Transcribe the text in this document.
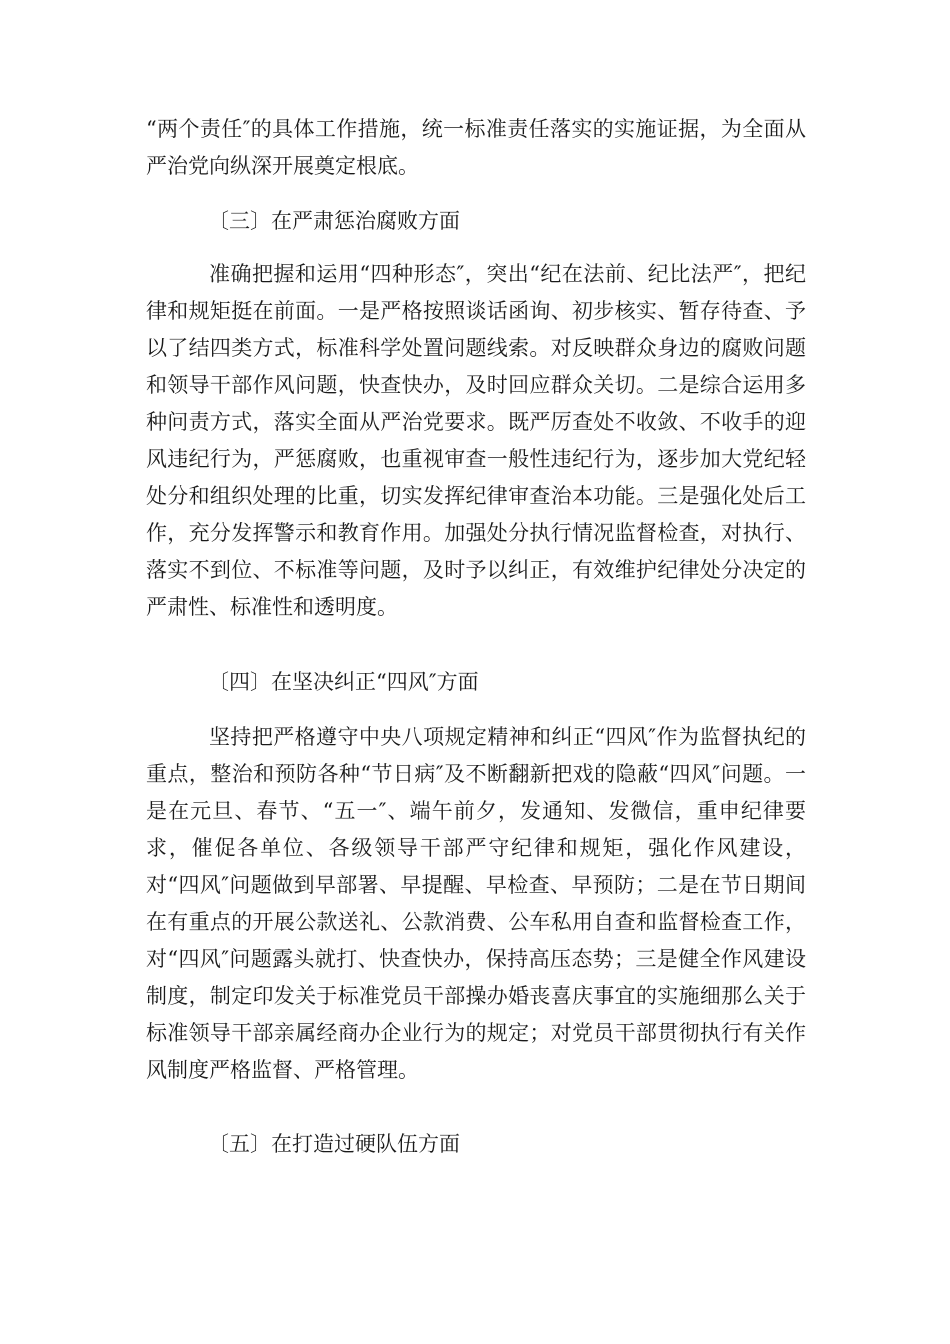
“两个责任″的具体工作措施，统一标准责任落实的实施证据，为全面从严治党向纵深开展奠定根底。
〔三〕在严肃惩治腐败方面
准确把握和运用“四种形态″，突出“纪在法前、纪比法严″，把纪律和规矩挺在前面。一是严格按照谈话函询、初步核实、暂存待查、予以了结四类方式，标准科学处置问题线索。对反映群众身边的腐败问题和领导干部作风问题，快查快办，及时回应群众关切。二是综合运用多种问责方式，落实全面从严治党要求。既严厉查处不收敛、不收手的迎风违纪行为，严惩腐败，也重视审查一般性违纪行为，逐步加大党纪轻处分和组织处理的比重，切实发挥纪律审查治本功能。三是强化处后工作，充分发挥警示和教育作用。加强处分执行情况监督检查，对执行、落实不到位、不标准等问题，及时予以纠正，有效维护纪律处分决定的严肃性、标准性和透明度。
〔四〕在坚决纠正“四风″方面
坚持把严格遵守中央八项规定精神和纠正“四风″作为监督执纪的重点，整治和预防各种“节日病″及不断翻新把戏的隐蔽“四风″问题。一是在元旦、春节、“五一″、端午前夕，发通知、发微信，重申纪律要求，催促各单位、各级领导干部严守纪律和规矩，强化作风建设，对“四风″问题做到早部署、早提醒、早检查、早预防；二是在节日期间在有重点的开展公款送礼、公款消费、公车私用自查和监督检查工作，对“四风″问题露头就打、快查快办，保持高压态势；三是健全作风建设制度，制定印发关于标准党员干部操办婚丧喜庆事宜的实施细那么关于标准领导干部亲属经商办企业行为的规定；对党员干部贯彻执行有关作风制度严格监督、严格管理。
〔五〕在打造过硬队伍方面
